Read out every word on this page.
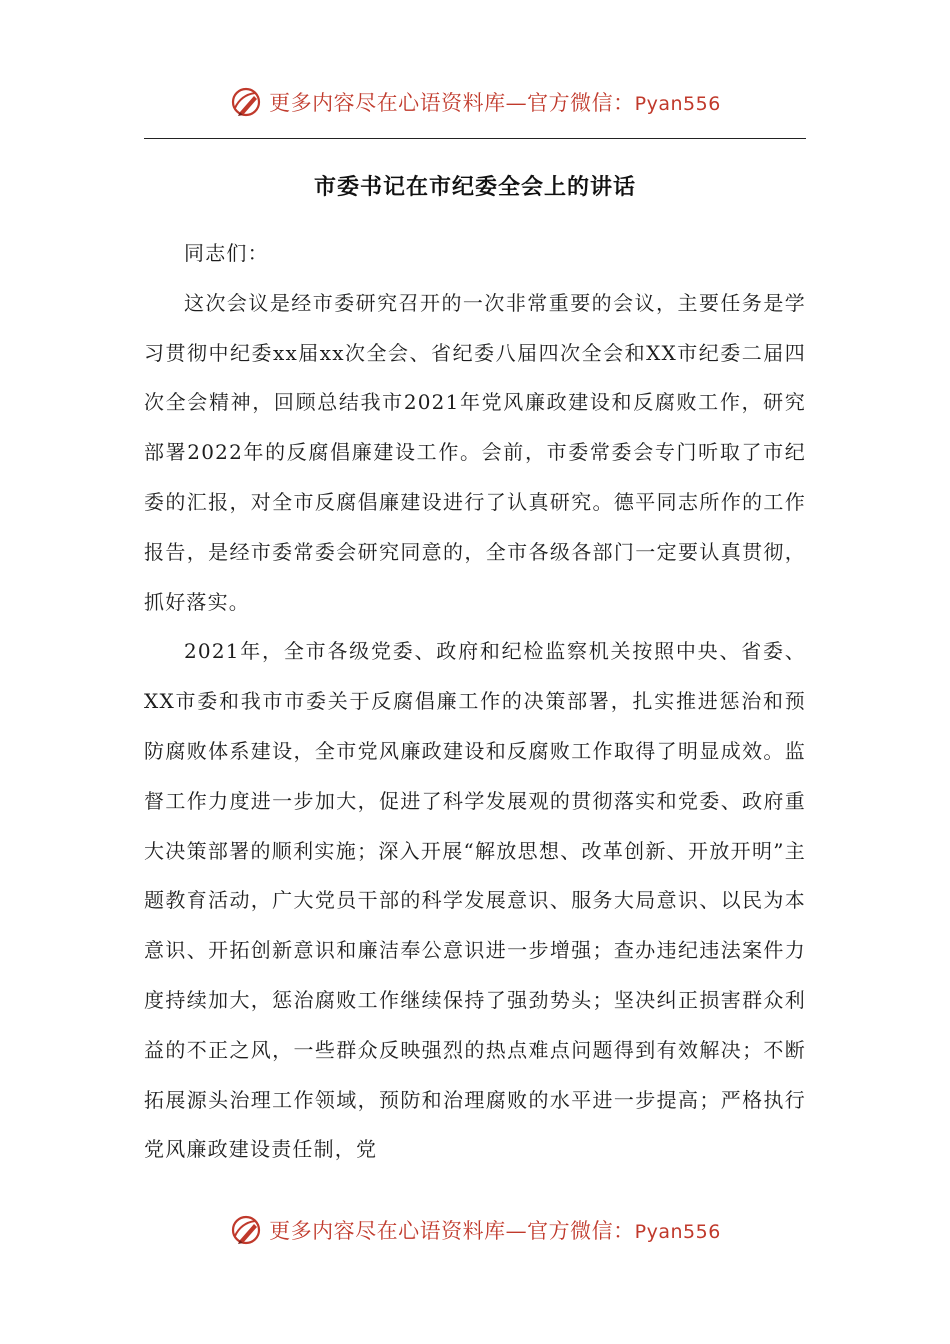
更多内容尽在心语资料库—官方微信：Pyan556
市委书记在市纪委全会上的讲话

同志们：

这次会议是经市委研究召开的一次非常重要的会议，主要任务是学习贯彻中纪委xx届xx次全会、省纪委八届四次全会和XX市纪委二届四次全会精神，回顾总结我市2021年党风廉政建设和反腐败工作，研究部署2022年的反腐倡廉建设工作。会前，市委常委会专门听取了市纪委的汇报，对全市反腐倡廉建设进行了认真研究。德平同志所作的工作报告，是经市委常委会研究同意的，全市各级各部门一定要认真贯彻，抓好落实。

2021年，全市各级党委、政府和纪检监察机关按照中央、省委、XX市委和我市市委关于反腐倡廉工作的决策部署，扎实推进惩治和预防腐败体系建设，全市党风廉政建设和反腐败工作取得了明显成效。监督工作力度进一步加大，促进了科学发展观的贯彻落实和党委、政府重大决策部署的顺利实施；深入开展“解放思想、改革创新、开放开明”主题教育活动，广大党员干部的科学发展意识、服务大局意识、以民为本意识、开拓创新意识和廉洁奉公意识进一步增强；查办违纪违法案件力度持续加大，惩治腐败工作继续保持了强劲势头；坚决纠正损害群众利益的不正之风，一些群众反映强烈的热点难点问题得到有效解决；不断拓展源头治理工作领域，预防和治理腐败的水平进一步提高；严格执行党风廉政建设责任制，党

更多内容尽在心语资料库—官方微信：Pyan556
